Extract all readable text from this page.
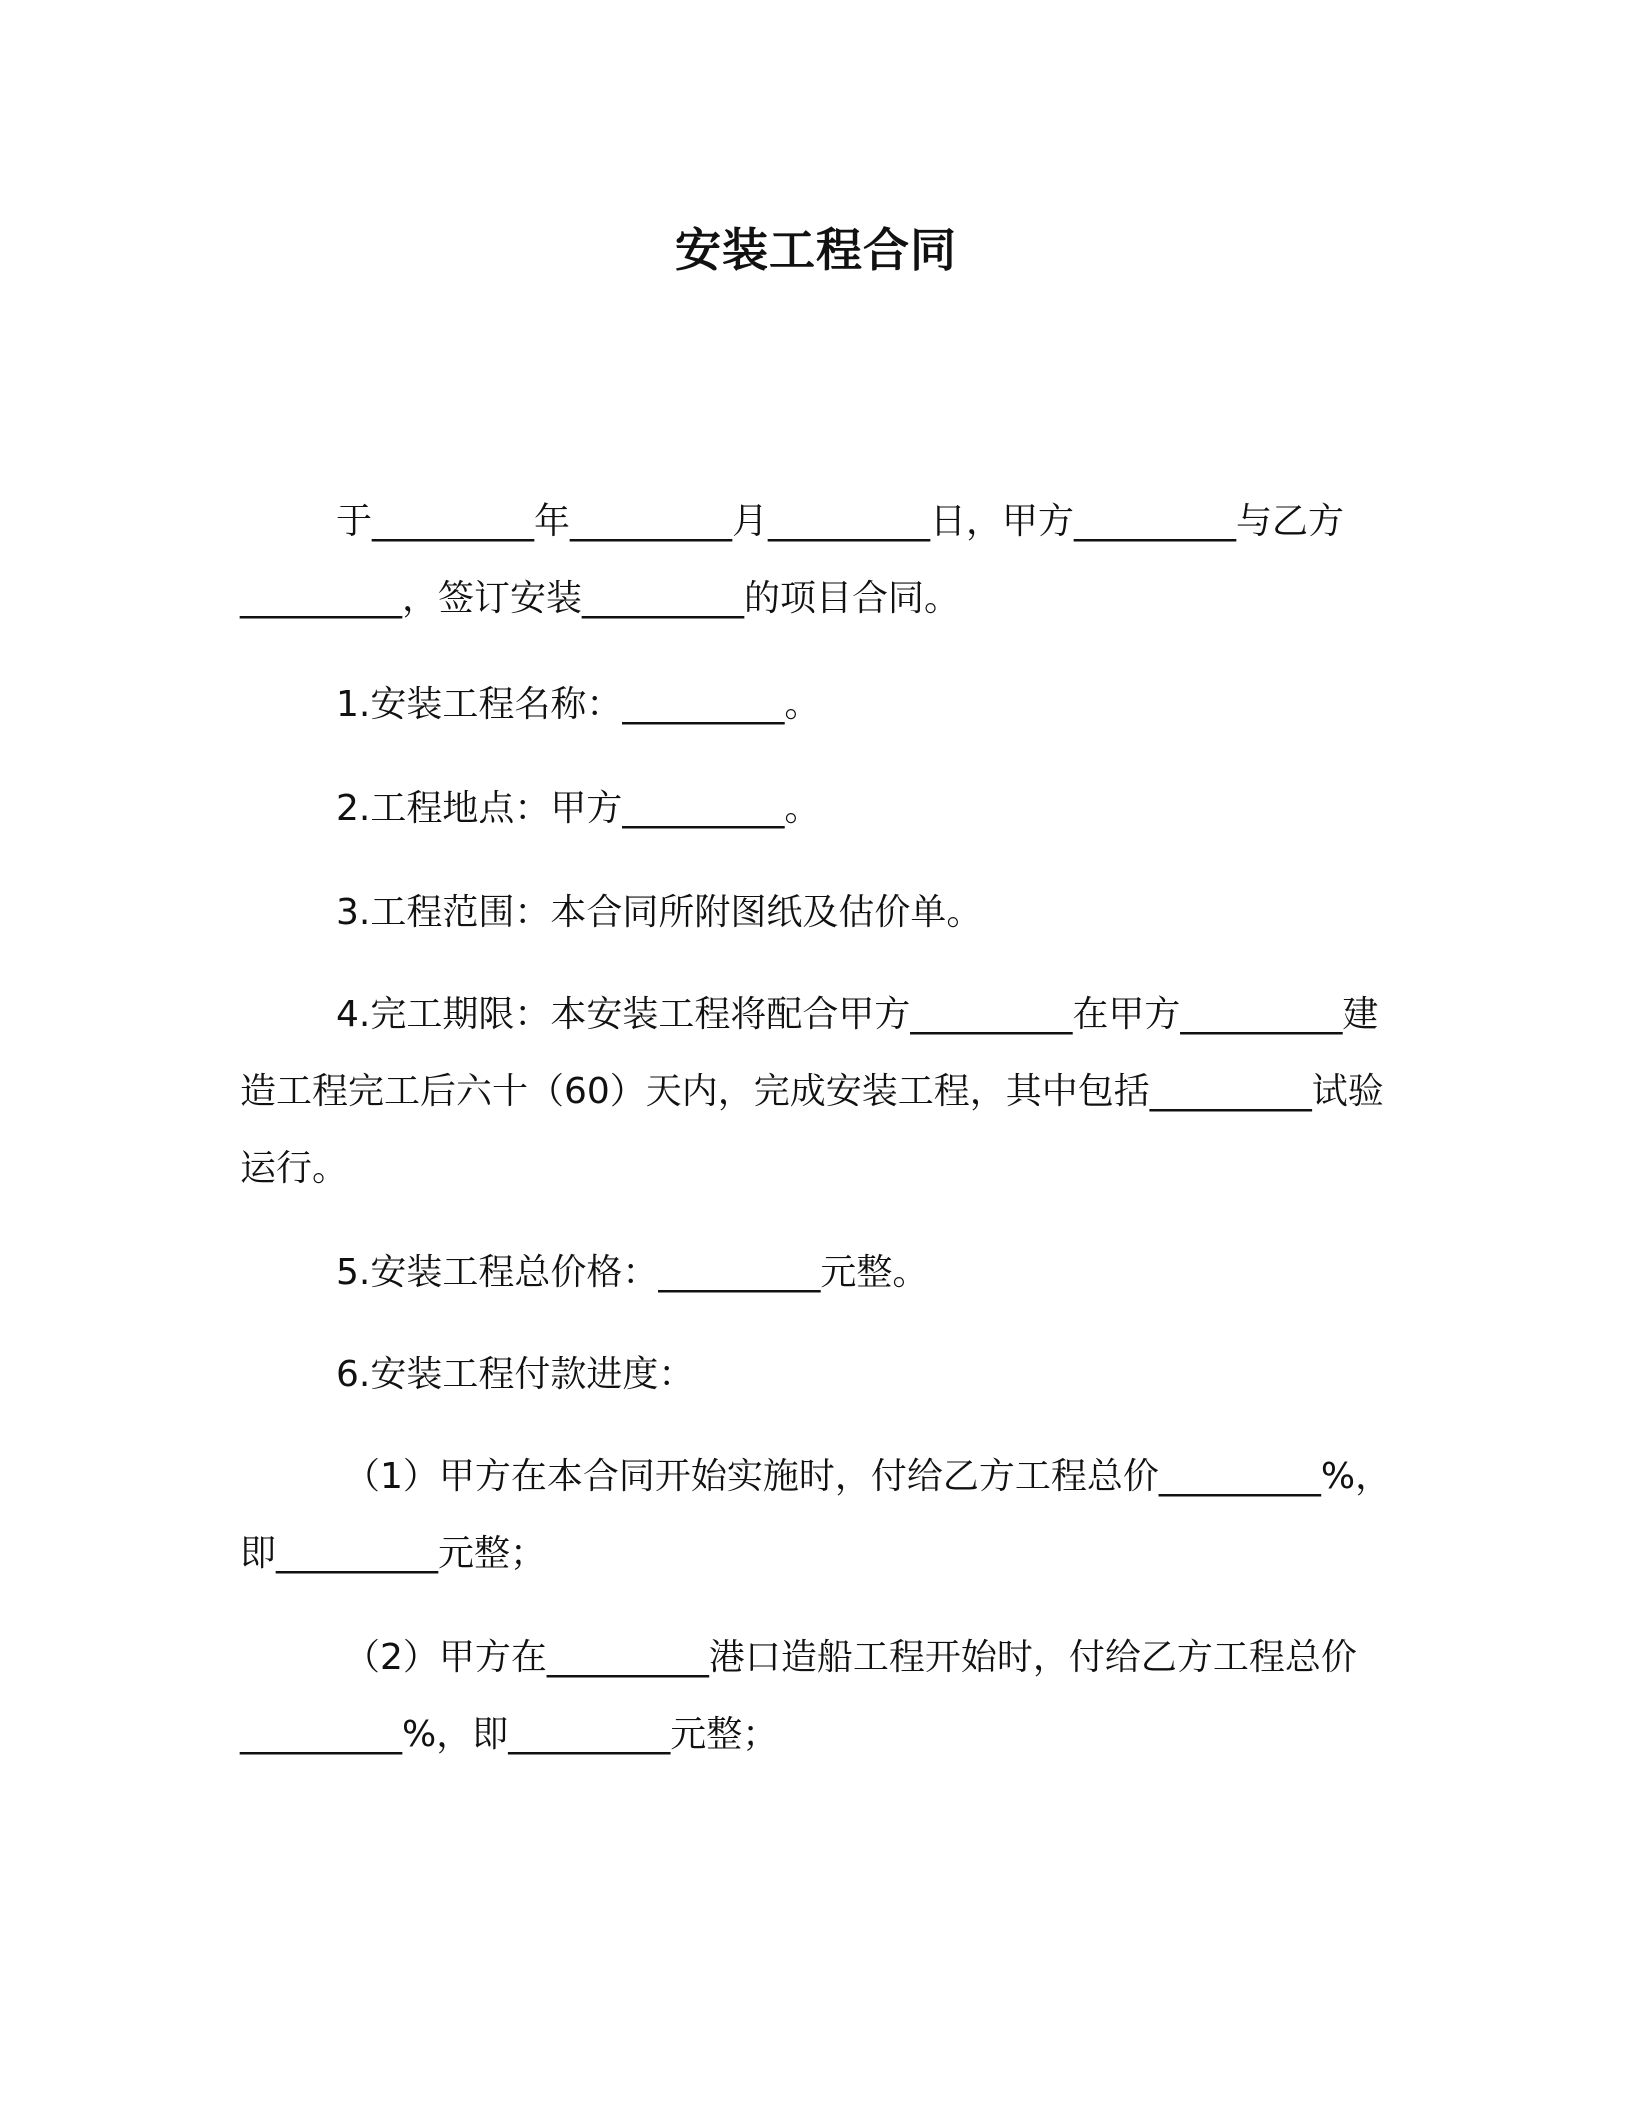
安装工程合同
于_________年_________月_________日，甲方_________与乙方_________，签订安装_________的项目合同。
1.安装工程名称：_________。
2.工程地点：甲方_________。
3.工程范围：本合同所附图纸及估价单。
4.完工期限：本安装工程将配合甲方_________在甲方_________建造工程完工后六十（60）天内，完成安装工程，其中包括_________试验运行。
5.安装工程总价格：_________元整。
6.安装工程付款进度：
（1）甲方在本合同开始实施时，付给乙方工程总价_________%，即_________元整；
（2）甲方在_________港口造船工程开始时，付给乙方工程总价_________%，即_________元整；
